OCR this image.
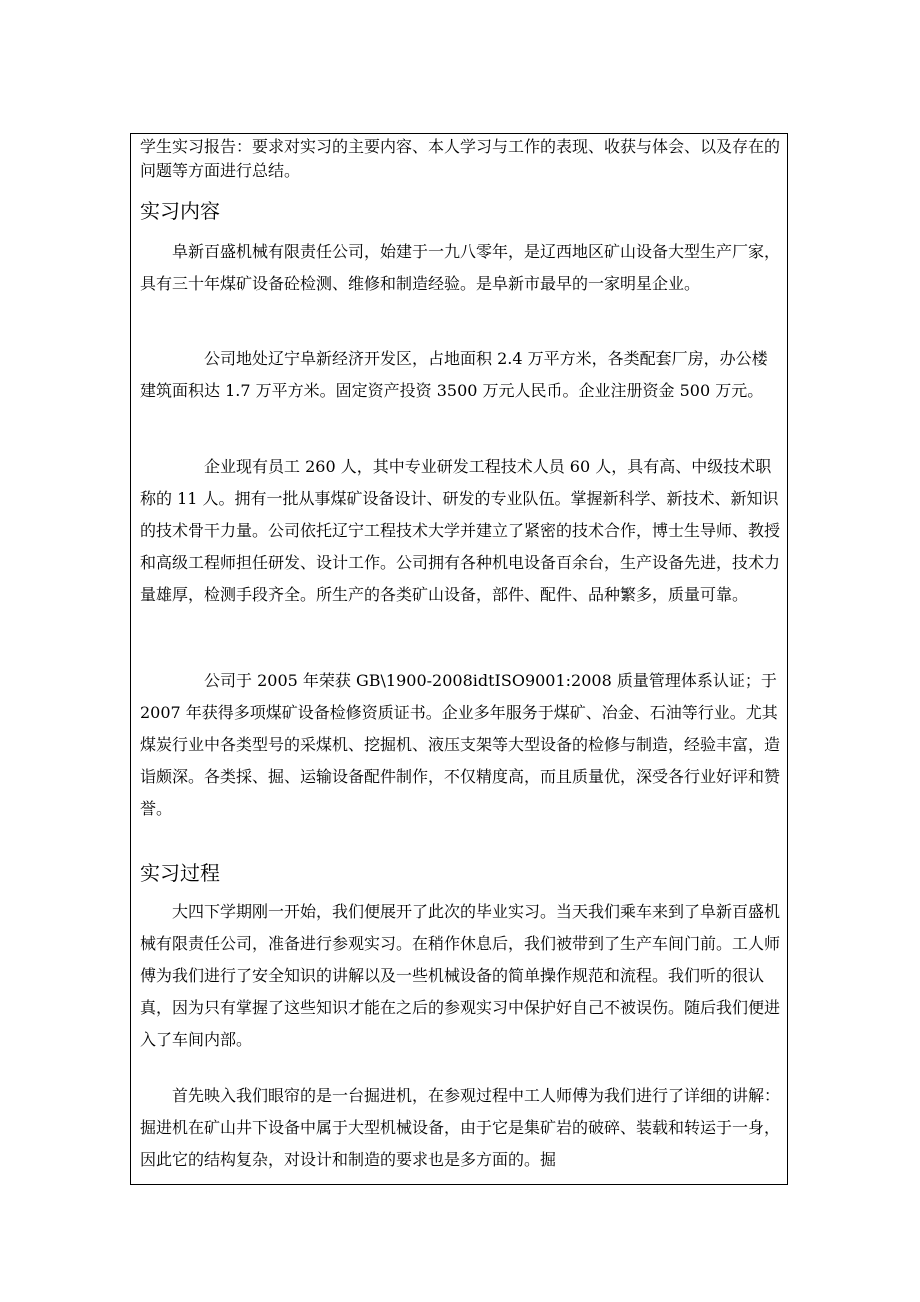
学生实习报告：要求对实习的主要内容、本人学习与工作的表现、收获与体会、以及存在的问题等方面进行总结。
实习内容
阜新百盛机械有限责任公司，始建于一九八零年，是辽西地区矿山设备大型生产厂家，具有三十年煤矿设备砼检测、维修和制造经验。是阜新市最早的一家明星企业。
公司地处辽宁阜新经济开发区，占地面积 2.4 万平方米，各类配套厂房，办公楼建筑面积达 1.7 万平方米。固定资产投资 3500 万元人民币。企业注册资金 500 万元。
企业现有员工 260 人，其中专业研发工程技术人员 60 人，具有高、中级技术职称的 11 人。拥有一批从事煤矿设备设计、研发的专业队伍。掌握新科学、新技术、新知识的技术骨干力量。公司依托辽宁工程技术大学并建立了紧密的技术合作，博士生导师、教授和高级工程师担任研发、设计工作。公司拥有各种机电设备百余台，生产设备先进，技术力量雄厚，检测手段齐全。所生产的各类矿山设备，部件、配件、品种繁多，质量可靠。
公司于 2005 年荣获 GB\1900-2008idtISO9001:2008 质量管理体系认证；于 2007 年获得多项煤矿设备检修资质证书。企业多年服务于煤矿、冶金、石油等行业。尤其煤炭行业中各类型号的采煤机、挖掘机、液压支架等大型设备的检修与制造，经验丰富，造诣颇深。各类採、掘、运输设备配件制作，不仅精度高，而且质量优，深受各行业好评和赞誉。
实习过程
大四下学期刚一开始，我们便展开了此次的毕业实习。当天我们乘车来到了阜新百盛机械有限责任公司，准备进行参观实习。在稍作休息后，我们被带到了生产车间门前。工人师傅为我们进行了安全知识的讲解以及一些机械设备的简单操作规范和流程。我们听的很认真，因为只有掌握了这些知识才能在之后的参观实习中保护好自己不被误伤。随后我们便进入了车间内部。
首先映入我们眼帘的是一台掘进机，在参观过程中工人师傅为我们进行了详细的讲解：掘进机在矿山井下设备中属于大型机械设备，由于它是集矿岩的破碎、装载和转运于一身，因此它的结构复杂，对设计和制造的要求也是多方面的。掘
